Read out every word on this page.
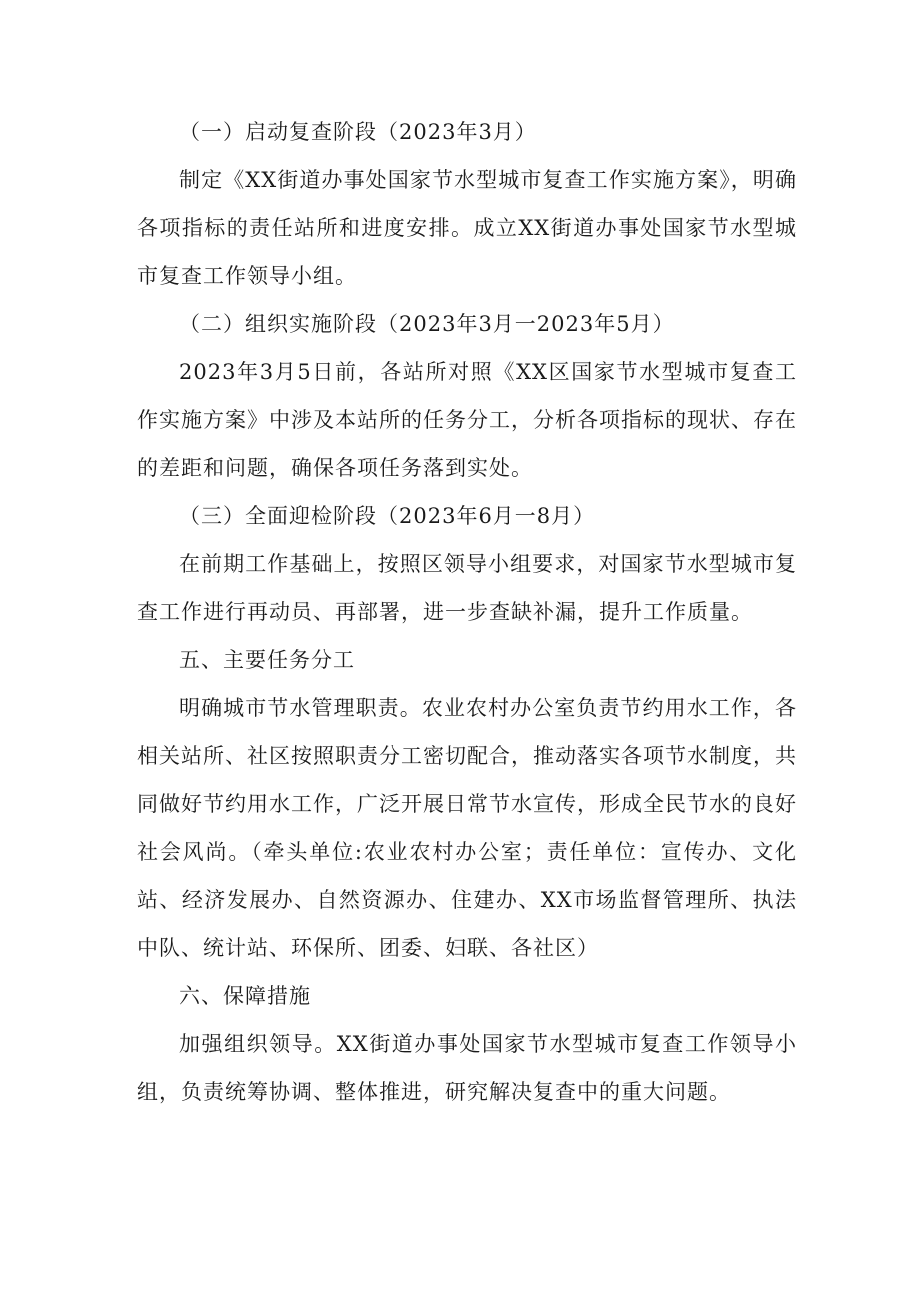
（一）启动复查阶段（2023年3月）

制定《XX街道办事处国家节水型城市复查工作实施方案》，明确各项指标的责任站所和进度安排。成立XX街道办事处国家节水型城市复查工作领导小组。

（二）组织实施阶段（2023年3月一2023年5月）

2023年3月5日前，各站所对照《XX区国家节水型城市复查工作实施方案》中涉及本站所的任务分工，分析各项指标的现状、存在的差距和问题，确保各项任务落到实处。

（三）全面迎检阶段（2023年6月一8月）

在前期工作基础上，按照区领导小组要求，对国家节水型城市复查工作进行再动员、再部署，进一步查缺补漏，提升工作质量。

五、主要任务分工

明确城市节水管理职责。农业农村办公室负责节约用水工作，各相关站所、社区按照职责分工密切配合，推动落实各项节水制度，共同做好节约用水工作，广泛开展日常节水宣传，形成全民节水的良好社会风尚。（牵头单位:农业农村办公室；责任单位：宣传办、文化站、经济发展办、自然资源办、住建办、XX市场监督管理所、执法中队、统计站、环保所、团委、妇联、各社区）

六、保障措施

加强组织领导。XX街道办事处国家节水型城市复查工作领导小组，负责统筹协调、整体推进，研究解决复查中的重大问题。
